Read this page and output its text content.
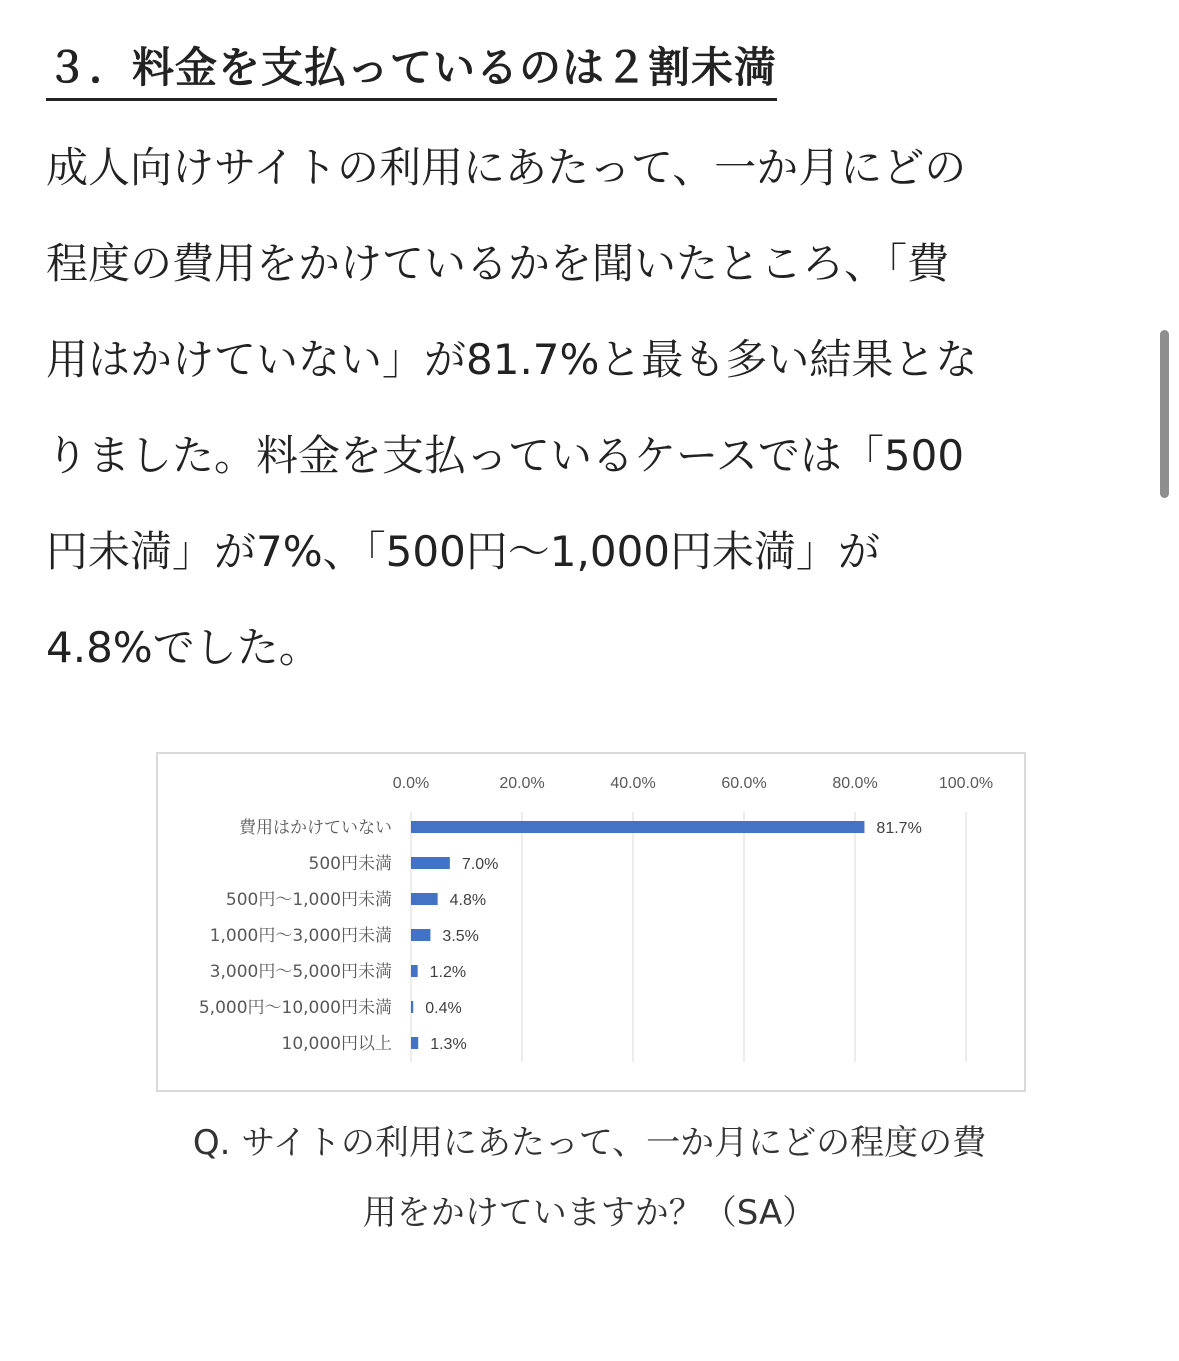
３．料金を支払っているのは２割未満
成人向けサイトの利用にあたって、一か月にどの
程度の費用をかけているかを聞いたところ、「費
用はかけていない」が81.7%と最も多い結果とな
りました。料金を支払っているケースでは「500
円未満」が7%、「500円〜1,000円未満」が
4.8%でした。
0.0%	20.0%	40.0%	60.0%	80.0%	100.0%
費用はかけていない	81.7%
500円未満	7.0%
500円〜1,000円未満	4.8%
1,000円〜3,000円未満	3.5%
3,000円〜5,000円未満 1.2%
5,000円〜10,000円未満 0.4%
10,000円以上 1.3%
Q. サイトの利用にあたって、一か月にどの程度の費
用をかけていますか？（SA）
